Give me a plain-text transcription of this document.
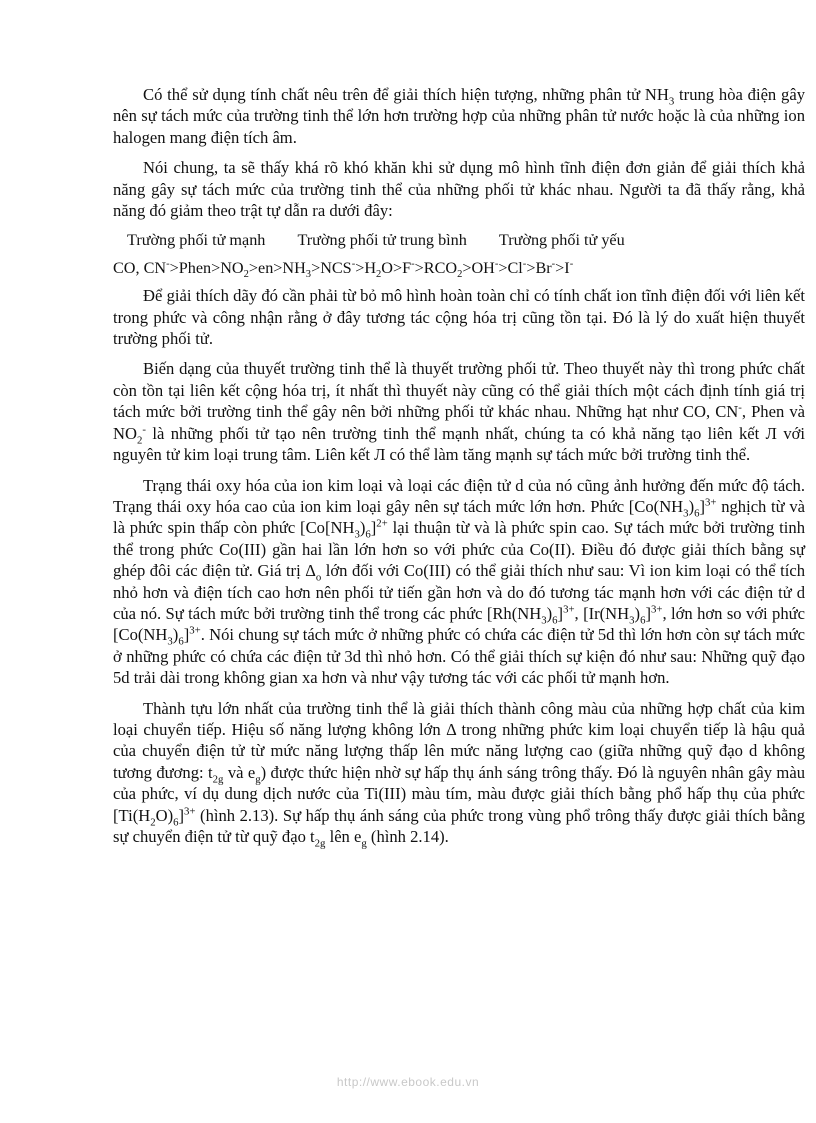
Có thể sử dụng tính chất nêu trên để giải thích hiện tượng, những phân tử $NH_3$ trung hòa điện gây nên sự tách mức của trường tinh thể lớn hơn trường hợp của những phân tử nước hoặc là của những ion halogen mang điện tích âm.

Nói chung, ta sẽ thấy khá rõ khó khăn khi sử dụng mô hình tĩnh điện đơn giản để giải thích khả năng gây sự tách mức của trường tinh thể của những phối tử khác nhau. Người ta đã thấy rằng, khả năng đó giảm theo trật tự dẫn ra dưới đây:

Trường phối tử mạnh Trường phối tử trung bình Trường phối tử yếu

CO, $CN^->Phen>NO_2>en>NH_3>NCS^->H_2O>F^->RCO_2>OH^->Cl^->Br^->I^-$

Để giải thích dãy đó cần phải từ bỏ mô hình hoàn toàn chỉ có tính chất ion tĩnh điện đối với liên kết trong phức và công nhận rằng ở đây tương tác cộng hóa trị cũng tồn tại. Đó là lý do xuất hiện thuyết trường phối tử.

Biến dạng của thuyết trường tinh thể là thuyết trường phối tử. Theo thuyết này thì trong phức chất còn tồn tại liên kết cộng hóa trị, ít nhất thì thuyết này cũng có thể giải thích một cách định tính giá trị tách mức bởi trường tinh thể gây nên bởi những phối tử khác nhau. Những hạt như CO, CN-, Phen và $NO_2^-$ là những phối tử tạo nên trường tinh thể mạnh nhất, chúng ta có khả năng tạo liên kết Л với nguyên tử kim loại trung tâm. Liên kết Л có thể làm tăng mạnh sự tách mức bởi trường tinh thể.

Trạng thái oxy hóa của ion kim loại và loại các điện tử d của nó cũng ảnh hưởng đến mức độ tách. Trạng thái oxy hóa cao của ion kim loại gây nên sự tách mức lớn hơn. Phức $[Co(NH_3)_6]^{3+}$ nghịch từ và là phức spin thấp còn phức $[Co[NH_3)_6]^{2+}$ lại thuận từ và là phức spin cao. Sự tách mức bởi trường tinh thể trong phức Co(III) gần hai lần lớn hơn so với phức của Co(II). Điều đó được giải thích bằng sự ghép đôi các điện tử. Giá trị $\Delta_o$ lớn đối với Co(III) có thể giải thích như sau: Vì ion kim loại có thể tích nhỏ hơn và điện tích cao hơn nên phối tử tiến gần hơn và do đó tương tác mạnh hơn với các điện tử d của nó. Sự tách mức bởi trường tinh thể trong các phức $[Rh(NH_3)_6]^{3+}$, $[Ir(NH_3)_6]^{3+}$, lớn hơn so với phức $[Co(NH_3)_6]^{3+}$. Nói chung sự tách mức ở những phức có chứa các điện tử 5d thì lớn hơn còn sự tách mức ở những phức có chứa các điện tử 3d thì nhỏ hơn. Có thể giải thích sự kiện đó như sau: Những quỹ đạo 5d trải dài trong không gian xa hơn và như vậy tương tác với các phối tử mạnh hơn.

Thành tựu lớn nhất của trường tinh thể là giải thích thành công màu của những hợp chất của kim loại chuyển tiếp. Hiệu số năng lượng không lớn Δ trong những phức kim loại chuyển tiếp là hậu quả của chuyển điện tử từ mức năng lượng thấp lên mức năng lượng cao (giữa những quỹ đạo d không tương đương: $t_{2g}$ và $e_g$) được thức hiện nhờ sự hấp thụ ánh sáng trông thấy. Đó là nguyên nhân gây màu của phức, ví dụ dung dịch nước của Ti(III) màu tím, màu được giải thích bằng phổ hấp thụ của phức $[Ti(H_2O)_6]^{3+}$ (hình 2.13). Sự hấp thụ ánh sáng của phức trong vùng phổ trông thấy được giải thích bằng sự chuyển điện tử từ quỹ đạo $t_{2g}$ lên $e_g$ (hình 2.14).

http://www.ebook.edu.vn
